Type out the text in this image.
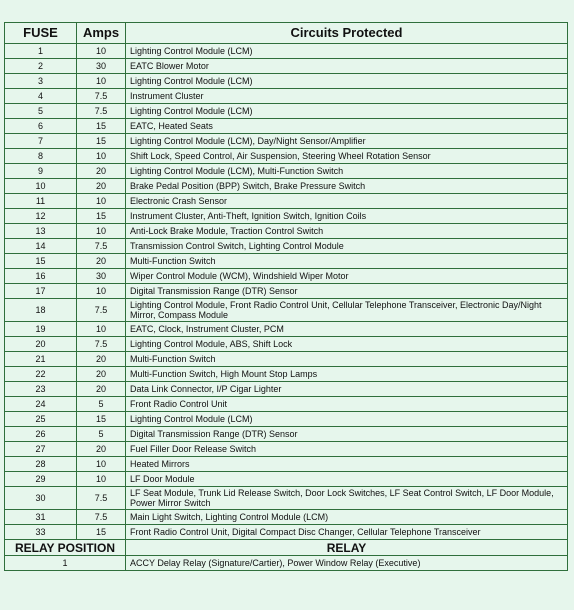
FUSE	Amps	Circuits Protected
1	10	Lighting Control Module (LCM)
2	30	EATC Blower Motor
3	10	Lighting Control Module (LCM)
4	7.5	Instrument Cluster
5	7.5	Lighting Control Module (LCM)
6	15	EATC, Heated Seats
7	15	Lighting Control Module (LCM), Day/Night Sensor/Amplifier
8	10	Shift Lock, Speed Control, Air Suspension, Steering Wheel Rotation Sensor
9	20	Lighting Control Module (LCM), Multi-Function Switch
10	20	Brake Pedal Position (BPP) Switch, Brake Pressure Switch
11	10	Electronic Crash Sensor
12	15	Instrument Cluster, Anti-Theft, Ignition Switch, Ignition Coils
13	10	Anti-Lock Brake Module, Traction Control Switch
14	7.5	Transmission Control Switch, Lighting Control Module
15	20	Multi-Function Switch
16	30	Wiper Control Module (WCM), Windshield Wiper Motor
17	10	Digital Transmission Range (DTR) Sensor
18	7.5	Lighting Control Module, Front Radio Control Unit, Cellular Telephone Transceiver, Electronic Day/Night Mirror, Compass Module
19	10	EATC, Clock, Instrument Cluster, PCM
20	7.5	Lighting Control Module, ABS, Shift Lock
21	20	Multi-Function Switch
22	20	Multi-Function Switch, High Mount Stop Lamps
23	20	Data Link Connector, I/P Cigar Lighter
24	5	Front Radio Control Unit
25	15	Lighting Control Module (LCM)
26	5	Digital Transmission Range (DTR) Sensor
27	20	Fuel Filler Door Release Switch
28	10	Heated Mirrors
29	10	LF Door Module
30	7.5	LF Seat Module, Trunk Lid Release Switch, Door Lock Switches, LF Seat Control Switch, LF Door Module, Power Mirror Switch
31	7.5	Main Light Switch, Lighting Control Module (LCM)
33	15	Front Radio Control Unit, Digital Compact Disc Changer, Cellular Telephone Transceiver
RELAY POSITION		RELAY
1		ACCY Delay Relay (Signature/Cartier), Power Window Relay (Executive)
